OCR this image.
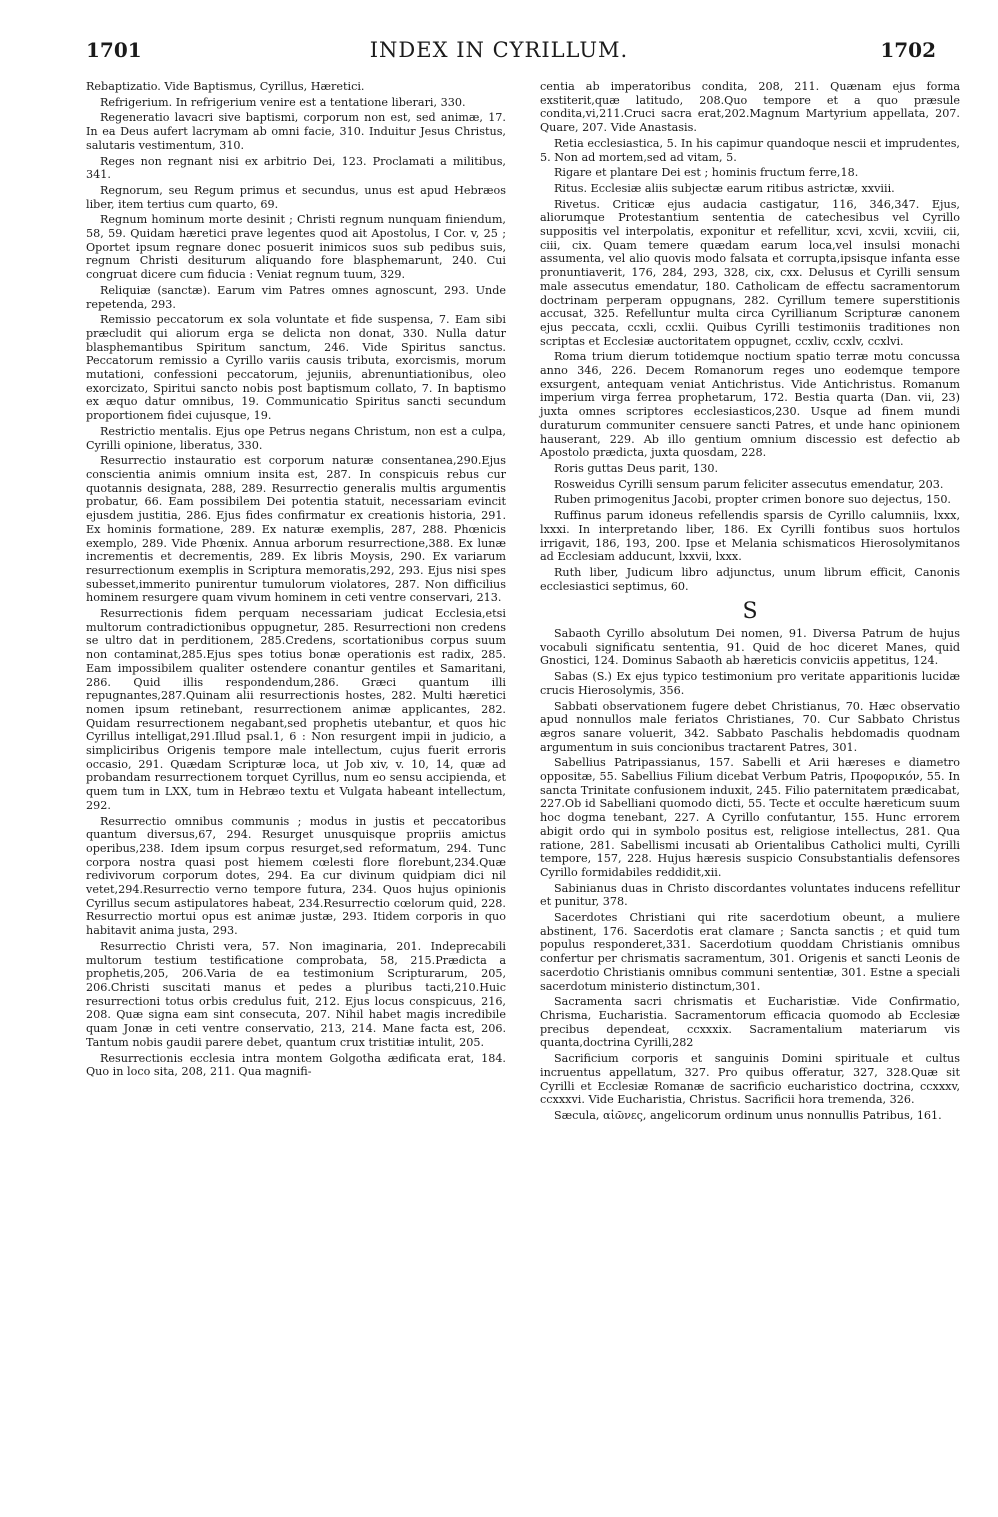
1701	INDEX IN CYRILLUM.	1702

Rebaptizatio. Vide Baptismus, Cyrillus, Hæretici.

Refrigerium. In refrigerium venire est a tentatione liberari, 330.

Regeneratio lavacri sive baptismi, corporum non est, sed animæ, 17. In ea Deus aufert lacrymam ab omni facie, 310. Induitur Jesus Christus, salutaris vestimentum, 310.

Reges non regnant nisi ex arbitrio Dei, 123. Proclamati a militibus, 341.

Regnorum, seu Regum primus et secundus, unus est apud Hebræos liber, item tertius cum quarto, 69.

Regnum hominum morte desinit ; Christi regnum nunquam finiendum, 58, 59. Quidam hæretici prave legentes quod ait Apostolus, I Cor. v, 25 ; Oportet ipsum regnare donec posuerit inimicos suos sub pedibus suis, regnum Christi desiturum aliquando fore blasphemarunt, 240. Cui congruat dicere cum fiducia : Veniat regnum tuum, 329.

Reliquiæ (sanctæ). Earum vim Patres omnes agnoscunt, 293. Unde repetenda, 293.

Remissio peccatorum ex sola voluntate et fide suspensa, 7. Eam sibi præcludit qui aliorum erga se delicta non donat, 330. Nulla datur blasphemantibus Spiritum sanctum, 246. Vide Spiritus sanctus. Peccatorum remissio a Cyrillo variis causis tributa, exorcismis, morum mutationi, confessioni peccatorum, jejuniis, abrenuntiationibus, oleo exorcizato, Spiritui sancto nobis post baptismum collato, 7. In baptismo ex æquo datur omnibus, 19. Communicatio Spiritus sancti secundum proportionem fidei cujusque, 19.

Restrictio mentalis. Ejus ope Petrus negans Christum, non est a culpa, Cyrilli opinione, liberatus, 330.

Resurrectio instauratio est corporum naturæ consentanea,290.Ejus conscientia animis omnium insita est, 287. In conspicuis rebus cur quotannis designata, 288, 289. Resurrectio generalis multis argumentis probatur, 66. Eam possibilem Dei potentia statuit, necessariam evincit ejusdem justitia, 286. Ejus fides confirmatur ex creationis historia, 291. Ex hominis formatione, 289. Ex naturæ exemplis, 287, 288. Phœnicis exemplo, 289. Vide Phœnix. Annua arborum resurrectione,388. Ex lunæ incrementis et decrementis, 289. Ex libris Moysis, 290. Ex variarum resurrectionum exemplis in Scriptura memoratis,292, 293. Ejus nisi spes subesset,immerito punirentur tumulorum violatores, 287. Non difficilius hominem resurgere quam vivum hominem in ceti ventre conservari, 213.

Resurrectionis fidem perquam necessariam judicat Ecclesia,etsi multorum contradictionibus oppugnetur, 285. Resurrectioni non credens se ultro dat in perditionem, 285.Credens, scortationibus corpus suum non contaminat,285.Ejus spes totius bonæ operationis est radix, 285. Eam impossibilem qualiter ostendere conantur gentiles et Samaritani, 286. Quid illis respondendum,286. Græci quantum illi repugnantes,287.Quinam alii resurrectionis hostes, 282. Multi hæretici nomen ipsum retinebant, resurrectionem animæ applicantes, 282. Quidam resurrectionem negabant,sed prophetis utebantur, et quos hic Cyrillus intelligat,291.Illud psal.1, 6 : Non resurgent impii in judicio, a simpliciribus Origenis tempore male intellectum, cujus fuerit erroris occasio, 291. Quædam Scripturæ loca, ut Job xiv, v. 10, 14, quæ ad probandam resurrectionem torquet Cyrillus, num eo sensu accipienda, et quem tum in LXX, tum in Hebræo textu et Vulgata habeant intellectum, 292.

Resurrectio omnibus communis ; modus in justis et peccatoribus quantum diversus,67, 294. Resurget unusquisque propriis amictus operibus,238. Idem ipsum corpus resurget,sed reformatum, 294. Tunc corpora nostra quasi post hiemem cœlesti flore florebunt,234.Quæ redivivorum corporum dotes, 294. Ea cur divinum quidpiam dici nil vetet,294.Resurrectio verno tempore futura, 234. Quos hujus opinionis Cyrillus secum astipulatores habeat, 234.Resurrectio cœlorum quid, 228. Resurrectio mortui opus est animæ justæ, 293. Itidem corporis in quo habitavit anima justa, 293.

Resurrectio Christi vera, 57. Non imaginaria, 201. Indeprecabili multorum testium testificatione comprobata, 58, 215.Prædicta a prophetis,205, 206.Varia de ea testimonium Scripturarum, 205, 206.Christi suscitati manus et pedes a pluribus tacti,210.Huic resurrectioni totus orbis credulus fuit, 212. Ejus locus conspicuus, 216, 208. Quæ signa eam sint consecuta, 207. Nihil habet magis incredibile quam Jonæ in ceti ventre conservatio, 213, 214. Mane facta est, 206. Tantum nobis gaudii parere debet, quantum crux tristitiæ intulit, 205.

Resurrectionis ecclesia intra montem Golgotha ædificata erat, 184. Quo in loco sita, 208, 211. Qua magnifi-

centia ab imperatoribus condita, 208, 211. Quænam ejus forma exstiterit,quæ latitudo, 208.Quo tempore et a quo præsule condita,vi,211.Cruci sacra erat,202.Magnum Martyrium appellata, 207. Quare, 207. Vide Anastasis.

Retia ecclesiastica, 5. In his capimur quandoque nescii et imprudentes, 5. Non ad mortem,sed ad vitam, 5.

Rigare et plantare Dei est ; hominis fructum ferre,18.

Ritus. Ecclesiæ aliis subjectæ earum ritibus astrictæ, xxviii.

Rivetus. Criticæ ejus audacia castigatur, 116, 346,347. Ejus, aliorumque Protestantium sententia de catechesibus vel Cyrillo suppositis vel interpolatis, exponitur et refellitur, xcvi, xcvii, xcviii, cii, ciii, cix. Quam temere quædam earum loca,vel insulsi monachi assumenta, vel alio quovis modo falsata et corrupta,ipsisque infanta esse pronuntiaverit, 176, 284, 293, 328, cix, cxx. Delusus et Cyrilli sensum male assecutus emendatur, 180. Catholicam de effectu sacramentorum doctrinam perperam oppugnans, 282. Cyrillum temere superstitionis accusat, 325. Refelluntur multa circa Cyrillianum Scripturæ canonem ejus peccata, ccxli, ccxlii. Quibus Cyrilli testimoniis traditiones non scriptas et Ecclesiæ auctoritatem oppugnet, ccxliv, ccxlv, ccxlvi.

Roma trium dierum totidemque noctium spatio terræ motu concussa anno 346, 226. Decem Romanorum reges uno eodemque tempore exsurgent, antequam veniat Antichristus. Vide Antichristus. Romanum imperium virga ferrea prophetarum, 172. Bestia quarta (Dan. vii, 23) juxta omnes scriptores ecclesiasticos,230. Usque ad finem mundi duraturum communiter censuere sancti Patres, et unde hanc opinionem hauserant, 229. Ab illo gentium omnium discessio est defectio ab Apostolo prædicta, juxta quosdam, 228.

Roris guttas Deus parit, 130.

Rosweidus Cyrilli sensum parum feliciter assecutus emendatur, 203.

Ruben primogenitus Jacobi, propter crimen bonore suo dejectus, 150.

Ruffinus parum idoneus refellendis sparsis de Cyrillo calumniis, lxxx, lxxxi. In interpretando liber, 186. Ex Cyrilli fontibus suos hortulos irrigavit, 186, 193, 200. Ipse et Melania schismaticos Hierosolymitanos ad Ecclesiam adducunt, lxxvii, lxxx.

Ruth liber, Judicum libro adjunctus, unum librum efficit, Canonis ecclesiastici septimus, 60.

S

Sabaoth Cyrillo absolutum Dei nomen, 91. Diversa Patrum de hujus vocabuli significatu sententia, 91. Quid de hoc diceret Manes, quid Gnostici, 124. Dominus Sabaoth ab hæreticis conviciis appetitus, 124.

Sabas (S.) Ex ejus typico testimonium pro veritate apparitionis lucidæ crucis Hierosolymis, 356.

Sabbati observationem fugere debet Christianus, 70. Hæc observatio apud nonnullos male feriatos Christianes, 70. Cur Sabbato Christus ægros sanare voluerit, 342. Sabbato Paschalis hebdomadis quodnam argumentum in suis concionibus tractarent Patres, 301.

Sabellius Patripassianus, 157. Sabelli et Arii hæreses e diametro oppositæ, 55. Sabellius Filium dicebat Verbum Patris, Προφορικόν, 55. In sancta Trinitate confusionem induxit, 245. Filio paternitatem prædicabat, 227.Ob id Sabelliani quomodo dicti, 55. Tecte et occulte hæreticum suum hoc dogma tenebant, 227. A Cyrillo confutantur, 155. Hunc errorem abigit ordo qui in symbolo positus est, religiose intellectus, 281. Qua ratione, 281. Sabellismi incusati ab Orientalibus Catholici multi, Cyrilli tempore, 157, 228. Hujus hæresis suspicio Consubstantialis defensores Cyrillo formidabiles reddidit,xii.

Sabinianus duas in Christo discordantes voluntates inducens refellitur et punitur, 378.

Sacerdotes Christiani qui rite sacerdotium obeunt, a muliere abstinent, 176. Sacerdotis erat clamare ; Sancta sanctis ; et quid tum populus responderet,331. Sacerdotium quoddam Christianis omnibus confertur per chrismatis sacramentum, 301. Origenis et sancti Leonis de sacerdotio Christianis omnibus communi sententiæ, 301. Estne a speciali sacerdotum ministerio distinctum,301.

Sacramenta sacri chrismatis et Eucharistiæ. Vide Confirmatio, Chrisma, Eucharistia. Sacramentorum efficacia quomodo ab Ecclesiæ precibus dependeat, ccxxxix. Sacramentalium materiarum vis quanta,doctrina Cyrilli,282

Sacrificium corporis et sanguinis Domini spirituale et cultus incruentus appellatum, 327. Pro quibus offeratur, 327, 328.Quæ sit Cyrilli et Ecclesiæ Romanæ de sacrificio eucharistico doctrina, ccxxxv, ccxxxvi. Vide Eucharistia, Christus. Sacrificii hora tremenda, 326.

Sæcula, αἰῶνες, angelicorum ordinum unus nonnullis Patribus, 161.
